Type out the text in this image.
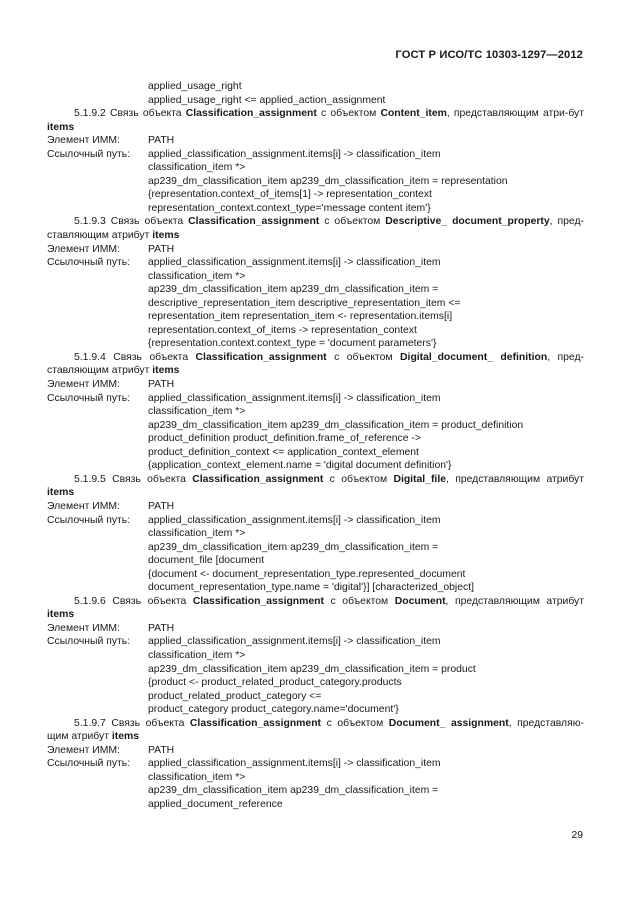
ГОСТ Р ИСО/ТС 10303-1297—2012
applied_usage_right
applied_usage_right <= applied_action_assignment
5.1.9.2 Связь объекта Classification_assignment с объектом Content_item, представляющим атри-бут items
Элемент ИММ:	PATH
Ссылочный путь:	applied_classification_assignment.items[i] -> classification_item
classification_item *>
ap239_dm_classification_item ap239_dm_classification_item = representation
{representation.context_of_items[1] -> representation_context
representation_context.context_type='message content item'}
5.1.9.3 Связь объекта Classification_assignment с объектом Descriptive_ document_property, пред-ставляющим атрибут items
Элемент ИММ:	PATH
Ссылочный путь:	applied_classification_assignment.items[i] -> classification_item
classification_item *>
ap239_dm_classification_item ap239_dm_classification_item =
descriptive_representation_item descriptive_representation_item <=
representation_item representation_item <- representation.items[i]
representation.context_of_items -> representation_context
{representation.context.context_type = 'document parameters'}
5.1.9.4 Связь объекта Classification_assignment с объектом Digital_document_ definition, пред-ставляющим атрибут items
Элемент ИММ:	PATH
Ссылочный путь:	applied_classification_assignment.items[i] -> classification_item
classification_item *>
ap239_dm_classification_item ap239_dm_classification_item = product_definition
product_definition product_definition.frame_of_reference ->
product_definition_context <= application_context_element
{application_context_element.name = 'digital document definition'}
5.1.9.5 Связь объекта Classification_assignment с объектом Digital_file, представляющим атрибут items
Элемент ИММ:	PATH
Ссылочный путь:	applied_classification_assignment.items[i] -> classification_item
classification_item *>
ap239_dm_classification_item ap239_dm_classification_item =
document_file [document
{document <- document_representation_type.represented_document
document_representation_type.name = 'digital'}] [characterized_object]
5.1.9.6 Связь объекта Classification_assignment с объектом Document, представляющим атрибут items
Элемент ИММ:	PATH
Ссылочный путь:	applied_classification_assignment.items[i] -> classification_item
classification_item *>
ap239_dm_classification_item ap239_dm_classification_item = product
{product <- product_related_product_category.products
product_related_product_category <=
product_category product_category.name='document'}
5.1.9.7 Связь объекта Classification_assignment с объектом Document_ assignment, представляю-щим атрибут items
Элемент ИММ:	PATH
Ссылочный путь:	applied_classification_assignment.items[i] -> classification_item
classification_item *>
ap239_dm_classification_item ap239_dm_classification_item =
applied_document_reference
29
